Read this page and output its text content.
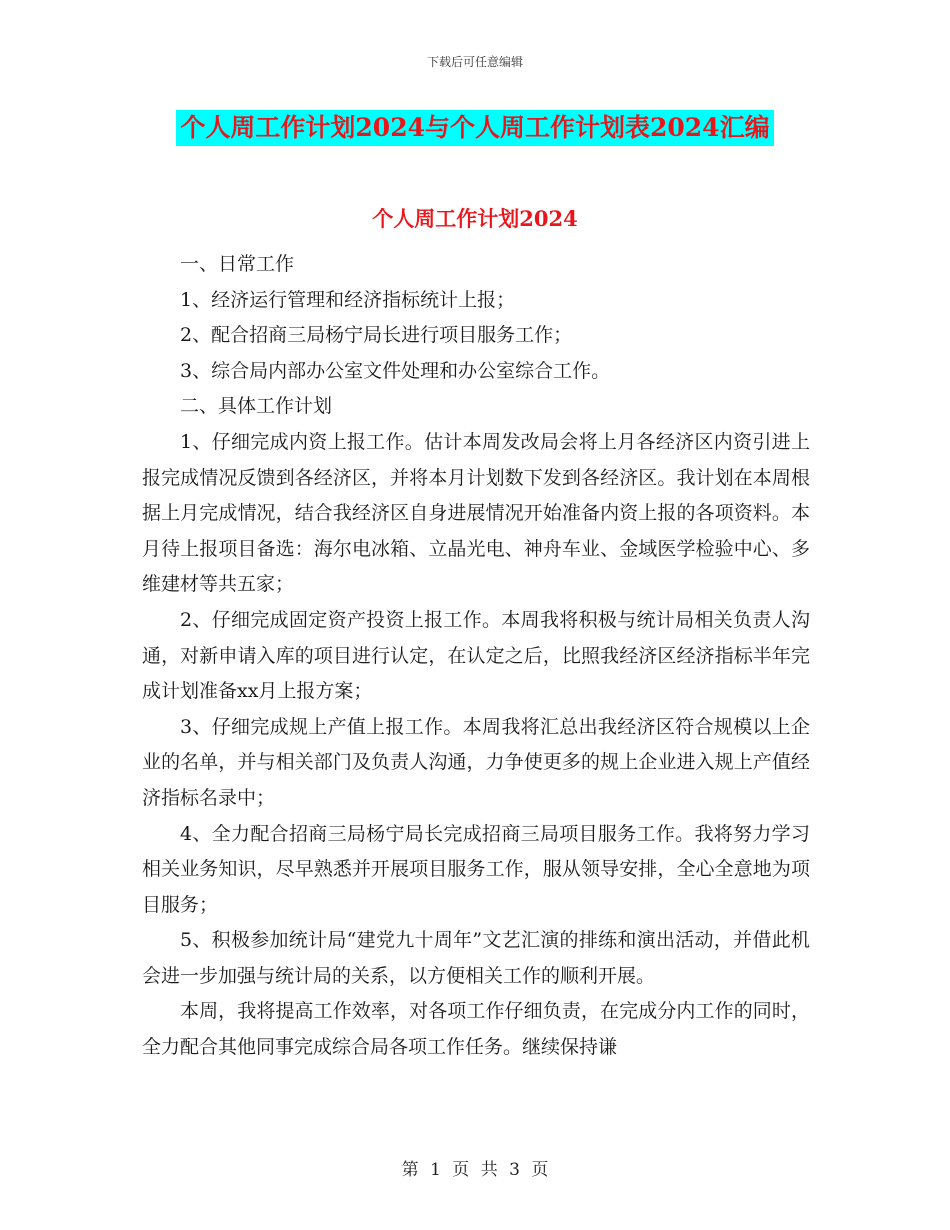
下载后可任意编辑
个人周工作计划2024与个人周工作计划表2024汇编
个人周工作计划2024

一、日常工作

1、经济运行管理和经济指标统计上报；

2、配合招商三局杨宁局长进行项目服务工作；

3、综合局内部办公室文件处理和办公室综合工作。

二、具体工作计划

1、仔细完成内资上报工作。估计本周发改局会将上月各经济区内资引进上报完成情况反馈到各经济区，并将本月计划数下发到各经济区。我计划在本周根据上月完成情况，结合我经济区自身进展情况开始准备内资上报的各项资料。本月待上报项目备选：海尔电冰箱、立晶光电、神舟车业、金域医学检验中心、多维建材等共五家；

2、仔细完成固定资产投资上报工作。本周我将积极与统计局相关负责人沟通，对新申请入库的项目进行认定，在认定之后，比照我经济区经济指标半年完成计划准备xx月上报方案；

3、仔细完成规上产值上报工作。本周我将汇总出我经济区符合规模以上企业的名单，并与相关部门及负责人沟通，力争使更多的规上企业进入规上产值经济指标名录中；

4、全力配合招商三局杨宁局长完成招商三局项目服务工作。我将努力学习相关业务知识，尽早熟悉并开展项目服务工作，服从领导安排，全心全意地为项目服务；

5、积极参加统计局“建党九十周年”文艺汇演的排练和演出活动，并借此机会进一步加强与统计局的关系，以方便相关工作的顺利开展。

本周，我将提高工作效率，对各项工作仔细负责，在完成分内工作的同时，全力配合其他同事完成综合局各项工作任务。继续保持谦

第 1 页 共 3 页
